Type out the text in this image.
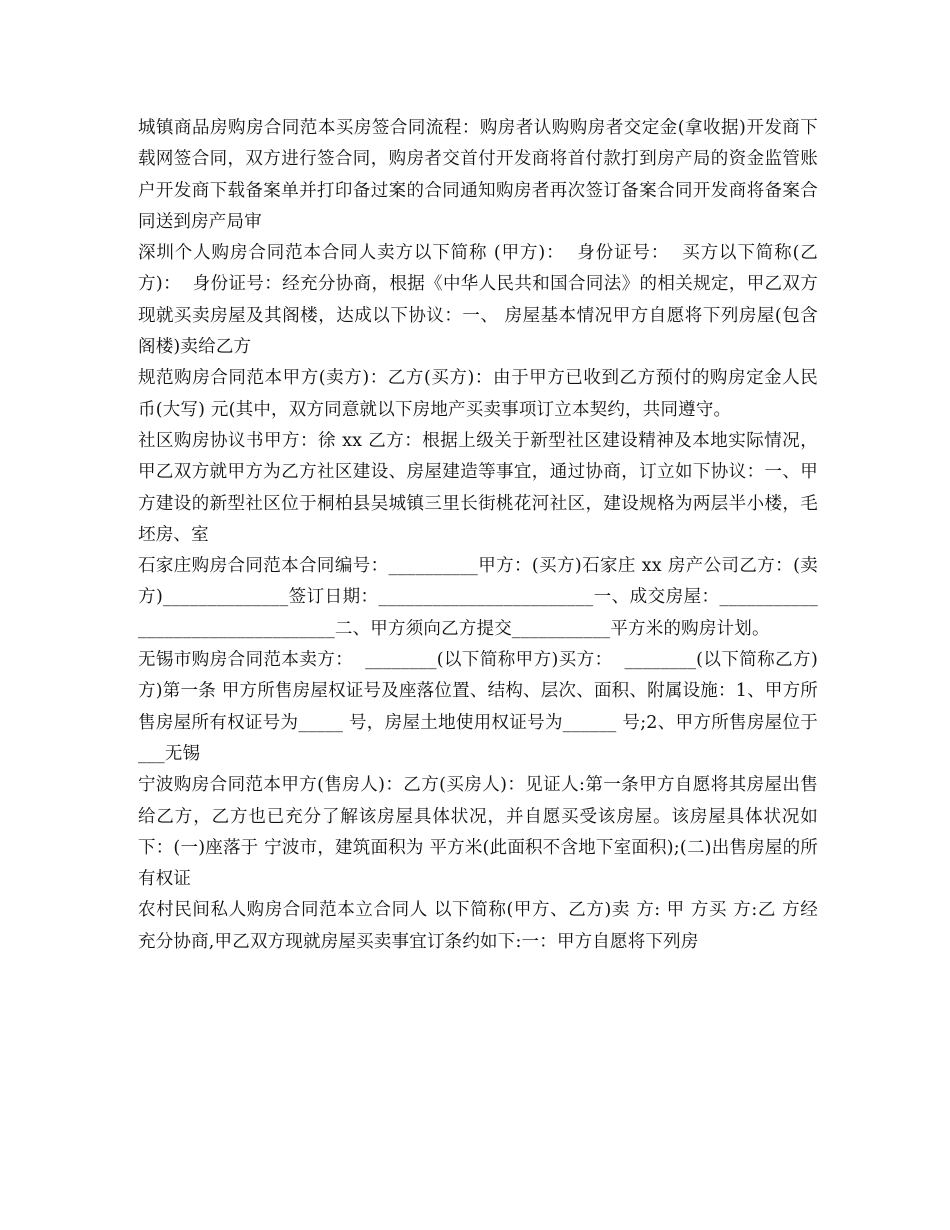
城镇商品房购房合同范本买房签合同流程：购房者认购购房者交定金(拿收据)开发商下载网签合同，双方进行签合同，购房者交首付开发商将首付款打到房产局的资金监管账户开发商下载备案单并打印备过案的合同通知购房者再次签订备案合同开发商将备案合同送到房产局审

深圳个人购房合同范本合同人卖方以下简称 (甲方)：  身份证号：  买方以下简称(乙方)：  身份证号：经充分协商，根据《中华人民共和国合同法》的相关规定，甲乙双方现就买卖房屋及其阁楼，达成以下协议：一、 房屋基本情况甲方自愿将下列房屋(包含阁楼)卖给乙方

规范购房合同范本甲方(卖方)：乙方(买方)：由于甲方已收到乙方预付的购房定金人民币(大写) 元(其中，双方同意就以下房地产买卖事项订立本契约，共同遵守。

社区购房协议书甲方：徐 xx 乙方：根据上级关于新型社区建设精神及本地实际情况，甲乙双方就甲方为乙方社区建设、房屋建造等事宜，通过协商，订立如下协议：一、甲方建设的新型社区位于桐柏县吴城镇三里长街桃花河社区，建设规格为两层半小楼，毛坯房、室

石家庄购房合同范本合同编号：__________甲方：(买方)石家庄 xx 房产公司乙方：(卖方)______________签订日期：________________________一、成交房屋：_________________________________二、甲方须向乙方提交___________平方米的购房计划。

无锡市购房合同范本卖方：  ________(以下简称甲方)买方：  ________(以下简称乙方) 方)第一条 甲方所售房屋权证号及座落位置、结构、层次、面积、附属设施：1、甲方所售房屋所有权证号为_____ 号，房屋土地使用权证号为______ 号;2、甲方所售房屋位于___无锡

宁波购房合同范本甲方(售房人)：乙方(买房人)：见证人:第一条甲方自愿将其房屋出售给乙方，乙方也已充分了解该房屋具体状况，并自愿买受该房屋。该房屋具体状况如下：(一)座落于 宁波市，建筑面积为 平方米(此面积不含地下室面积);(二)出售房屋的所有权证

农村民间私人购房合同范本立合同人 以下简称(甲方、乙方)卖 方: 甲 方买 方:乙 方经充分协商,甲乙双方现就房屋买卖事宜订条约如下:一：甲方自愿将下列房
